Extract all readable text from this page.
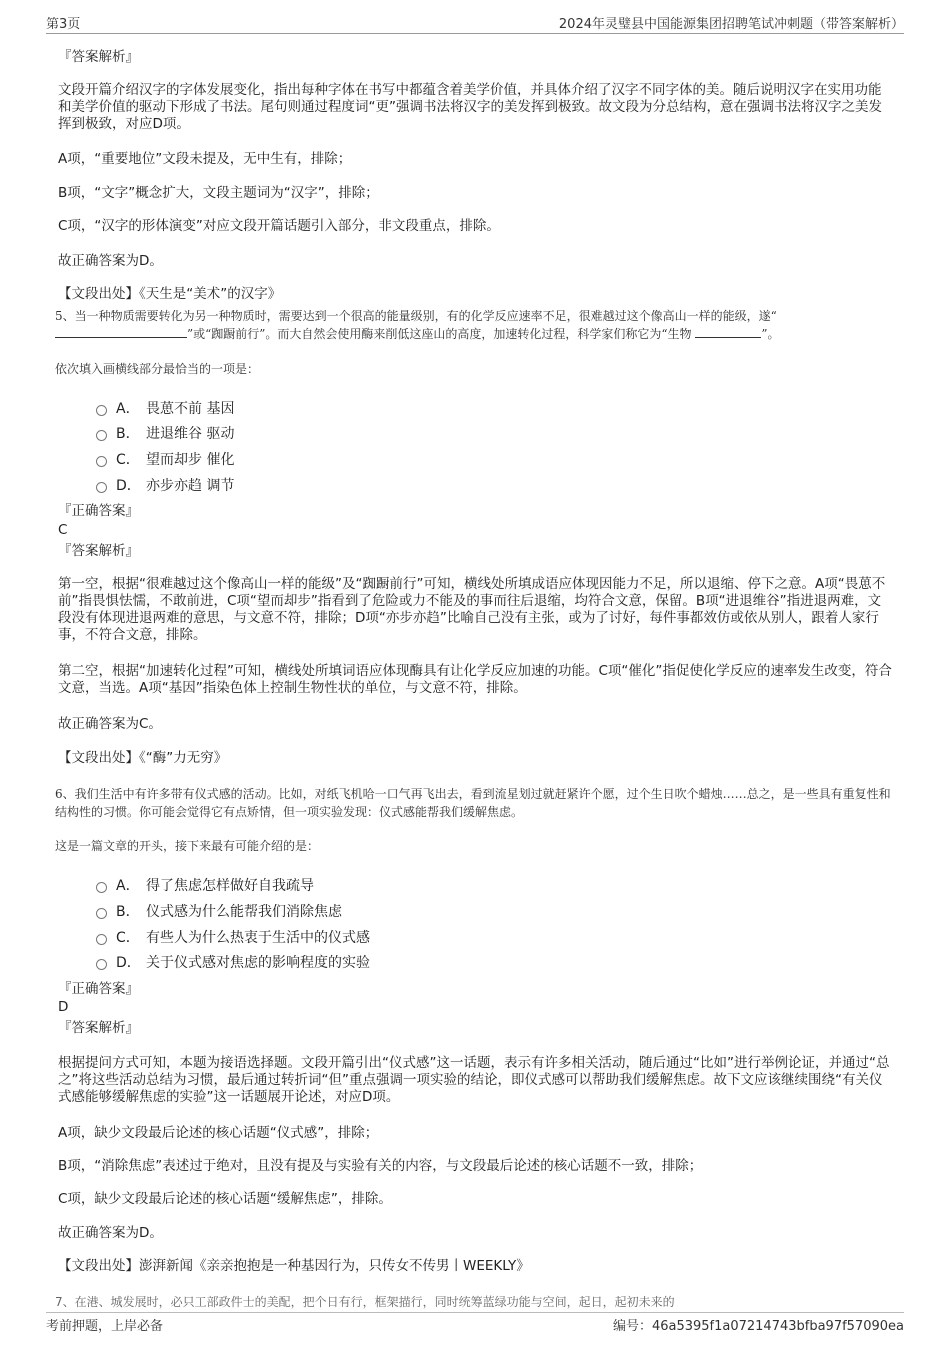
第3页	2024年灵璧县中国能源集团招聘笔试冲刺题（带答案解析）

『答案解析』

文段开篇介绍汉字的字体发展变化，指出每种字体在书写中都蕴含着美学价值，并具体介绍了汉字不同字体的美。随后说明汉字在实用功能和美学价值的驱动下形成了书法。尾句则通过程度词“更”强调书法将汉字的美发挥到极致。故文段为分总结构，意在强调书法将汉字之美发挥到极致，对应D项。

A项，“重要地位”文段未提及，无中生有，排除；

B项，“文字”概念扩大，文段主题词为“汉字”，排除；

C项，“汉字的形体演变”对应文段开篇话题引入部分，非文段重点，排除。

故正确答案为D。

【文段出处】《天生是“美术”的汉字》

5、当一种物质需要转化为另一种物质时，需要达到一个很高的能量级别，有的化学反应速率不足，很难越过这个像高山一样的能级，遂“”或“踟蹰前行”。而大自然会使用酶来削低这座山的高度，加速转化过程，科学家们称它为“生物	”。

依次填入画横线部分最恰当的一项是：

A． 畏葸不前 基因
B． 进退维谷 驱动
C． 望而却步 催化
D． 亦步亦趋 调节

『正确答案』

C

『答案解析』

第一空，根据“很难越过这个像高山一样的能级”及“踟蹰前行”可知，横线处所填成语应体现因能力不足，所以退缩、停下之意。A项“畏葸不前”指畏惧怯懦，不敢前进，C项“望而却步”指看到了危险或力不能及的事而往后退缩，均符合文意，保留。B项“进退维谷”指进退两难，文段没有体现进退两难的意思，与文意不符，排除；D项“亦步亦趋”比喻自己没有主张，或为了讨好，每件事都效仿或依从别人，跟着人家行事，不符合文意，排除。

第二空，根据“加速转化过程”可知，横线处所填词语应体现酶具有让化学反应加速的功能。C项“催化”指促使化学反应的速率发生改变，符合文意，当选。A项“基因”指染色体上控制生物性状的单位，与文意不符，排除。

故正确答案为C。

【文段出处】《“酶”力无穷》

6、我们生活中有许多带有仪式感的活动。比如，对纸飞机哈一口气再飞出去，看到流星划过就赶紧许个愿，过个生日吹个蜡烛……总之，是一些具有重复性和结构性的习惯。你可能会觉得它有点矫情，但一项实验发现：仪式感能帮我们缓解焦虑。

这是一篇文章的开头，接下来最有可能介绍的是：

A． 得了焦虑怎样做好自我疏导
B． 仪式感为什么能帮我们消除焦虑
C． 有些人为什么热衷于生活中的仪式感
D． 关于仪式感对焦虑的影响程度的实验

『正确答案』

D

『答案解析』

根据提问方式可知，本题为接语选择题。文段开篇引出“仪式感”这一话题，表示有许多相关活动，随后通过“比如”进行举例论证，并通过“总之”将这些活动总结为习惯，最后通过转折词“但”重点强调一项实验的结论，即仪式感可以帮助我们缓解焦虑。故下文应该继续围绕“有关仪式感能够缓解焦虑的实验”这一话题展开论述，对应D项。

A项，缺少文段最后论述的核心话题“仪式感”，排除；

B项，“消除焦虑”表述过于绝对，且没有提及与实验有关的内容，与文段最后论述的核心话题不一致，排除；

C项，缺少文段最后论述的核心话题“缓解焦虑”，排除。

故正确答案为D。

【文段出处】澎湃新闻《亲亲抱抱是一种基因行为，只传女不传男丨WEEKLY》

7、在港、城发展时，必只工部政件士的美配，把个日有行，框架描行，同时统筹蓝绿功能与空间，起日，起初未来的
考前押题，上岸必备	编号：46a5395f1a07214743bfba97f57090ea
